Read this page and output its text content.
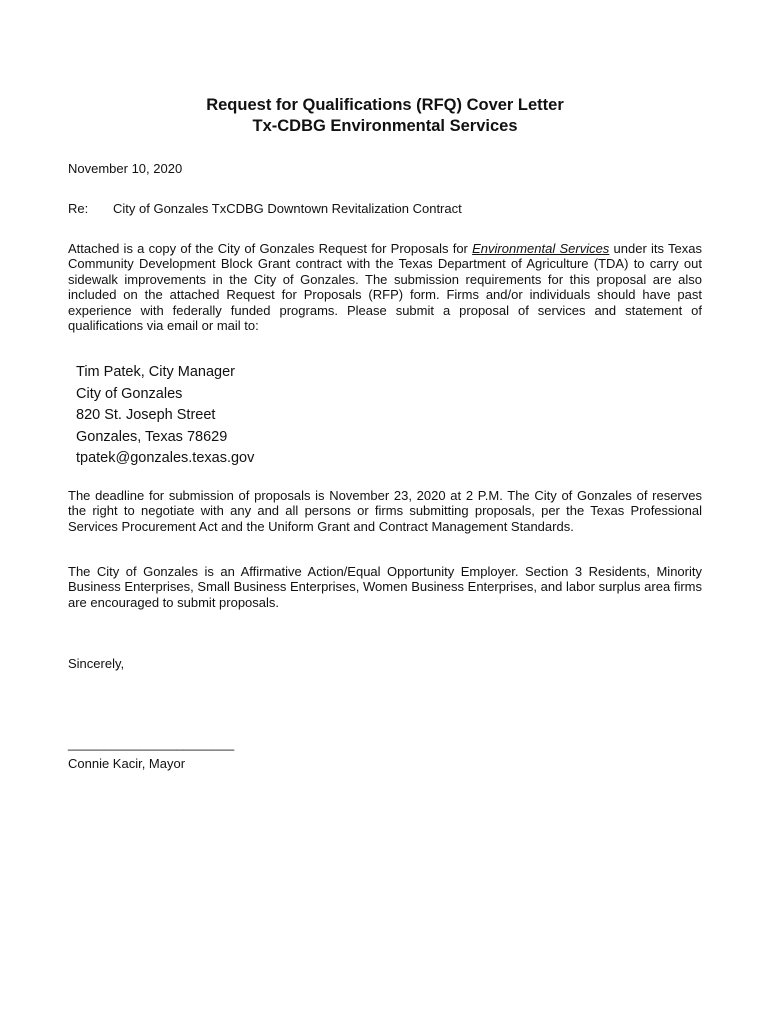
Request for Qualifications (RFQ) Cover Letter
Tx-CDBG Environmental Services
November 10, 2020
Re: City of Gonzales TxCDBG Downtown Revitalization Contract
Attached is a copy of the City of Gonzales Request for Proposals for Environmental Services under its Texas Community Development Block Grant contract with the Texas Department of Agriculture (TDA) to carry out sidewalk improvements in the City of Gonzales. The submission requirements for this proposal are also included on the attached Request for Proposals (RFP) form. Firms and/or individuals should have past experience with federally funded programs. Please submit a proposal of services and statement of qualifications via email or mail to:
Tim Patek, City Manager
City of Gonzales
820 St. Joseph Street
Gonzales, Texas 78629
tpatek@gonzales.texas.gov
The deadline for submission of proposals is November 23, 2020 at 2 P.M. The City of Gonzales of reserves the right to negotiate with any and all persons or firms submitting proposals, per the Texas Professional Services Procurement Act and the Uniform Grant and Contract Management Standards.
The City of Gonzales is an Affirmative Action/Equal Opportunity Employer. Section 3 Residents, Minority Business Enterprises, Small Business Enterprises, Women Business Enterprises, and labor surplus area firms are encouraged to submit proposals.
Sincerely,
_______________________
Connie Kacir, Mayor
